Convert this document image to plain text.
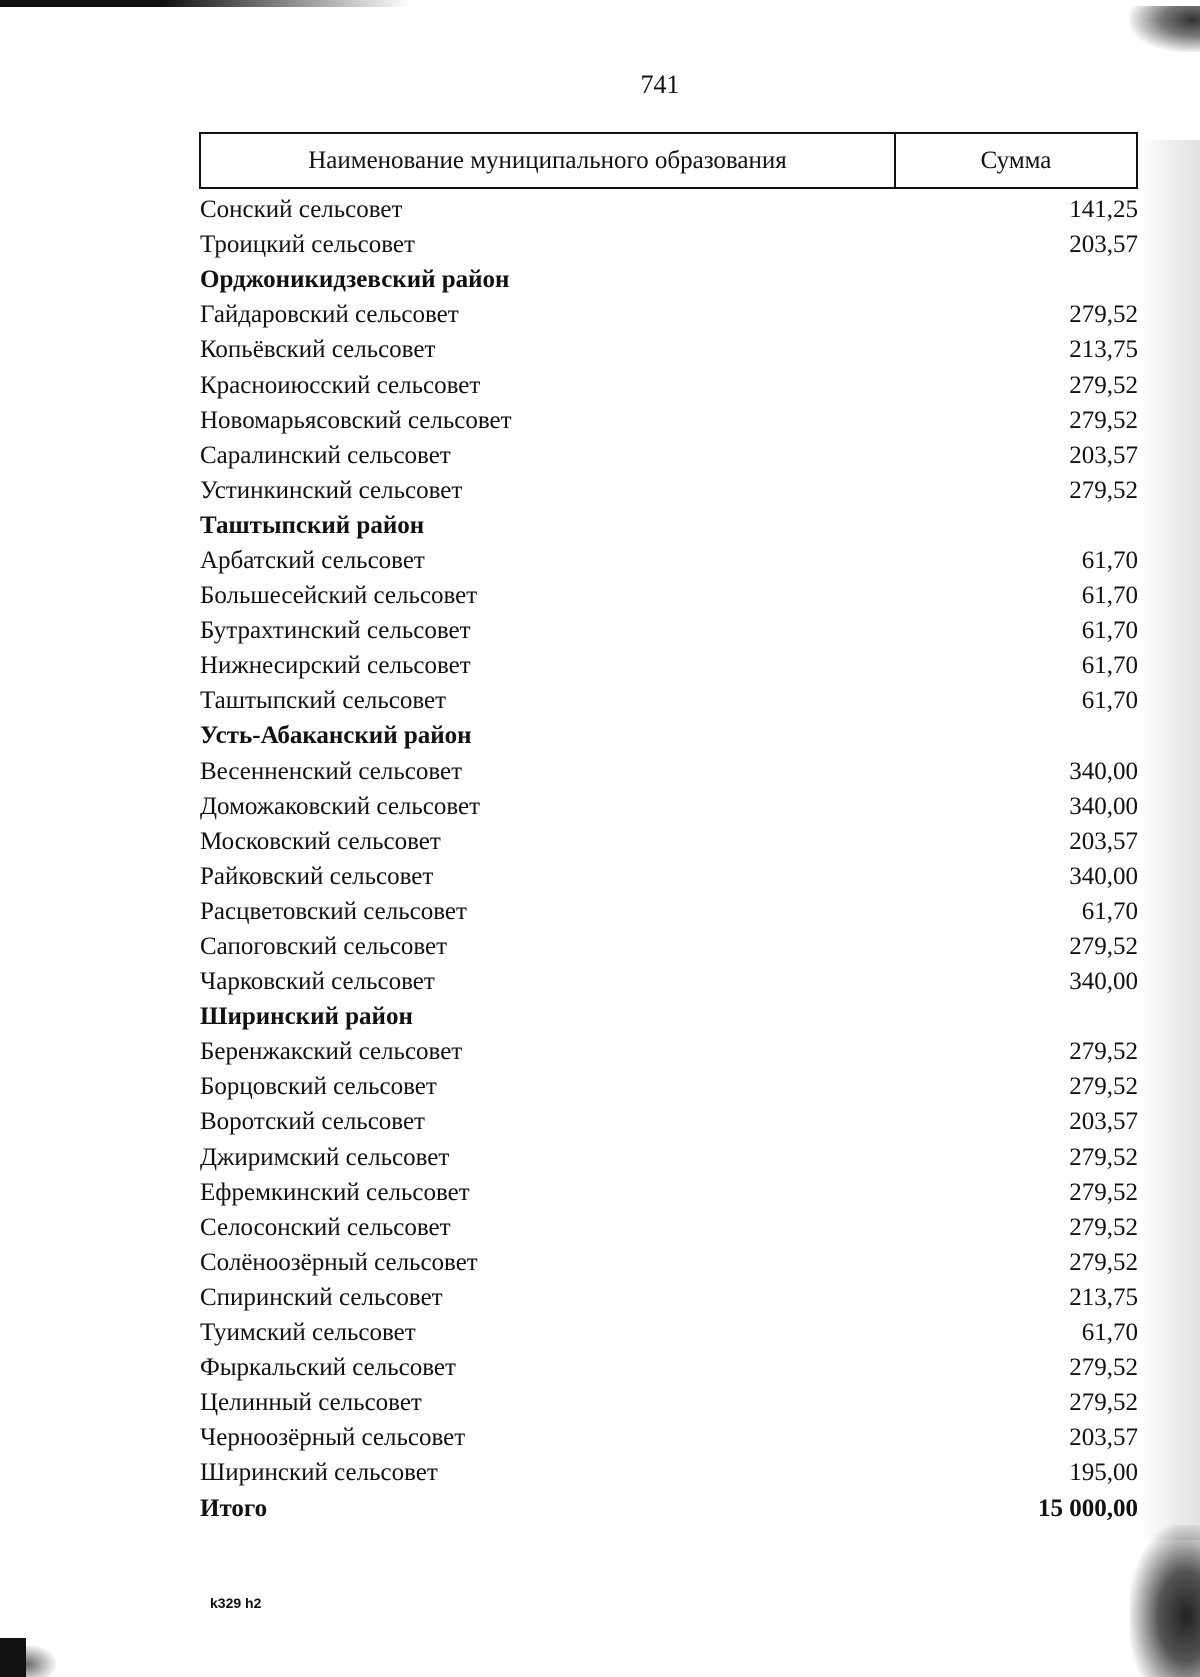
741
Наименование муниципального образования	Сумма
Сонский сельсовет	141,25
Троицкий сельсовет	203,57
Орджоникидзевский район
Гайдаровский сельсовет	279,52
Копьёвский сельсовет	213,75
Красноиюсский сельсовет	279,52
Новомарьясовский сельсовет	279,52
Саралинский сельсовет	203,57
Устинкинский сельсовет	279,52
Таштыпский район
Арбатский сельсовет	61,70
Большесейский сельсовет	61,70
Бутрахтинский сельсовет	61,70
Нижнесирский сельсовет	61,70
Таштыпский сельсовет	61,70
Усть-Абаканский район
Весенненский сельсовет	340,00
Доможаковский сельсовет	340,00
Московский сельсовет	203,57
Райковский сельсовет	340,00
Расцветовский сельсовет	61,70
Сапоговский сельсовет	279,52
Чарковский сельсовет	340,00
Ширинский район
Беренжакский сельсовет	279,52
Борцовский сельсовет	279,52
Воротский сельсовет	203,57
Джиримский сельсовет	279,52
Ефремкинский сельсовет	279,52
Селосонский сельсовет	279,52
Солёноозёрный сельсовет	279,52
Спиринский сельсовет	213,75
Туимский сельсовет	61,70
Фыркальский сельсовет	279,52
Целинный сельсовет	279,52
Черноозёрный сельсовет	203,57
Ширинский сельсовет	195,00
Итого	15 000,00
k329 h2
